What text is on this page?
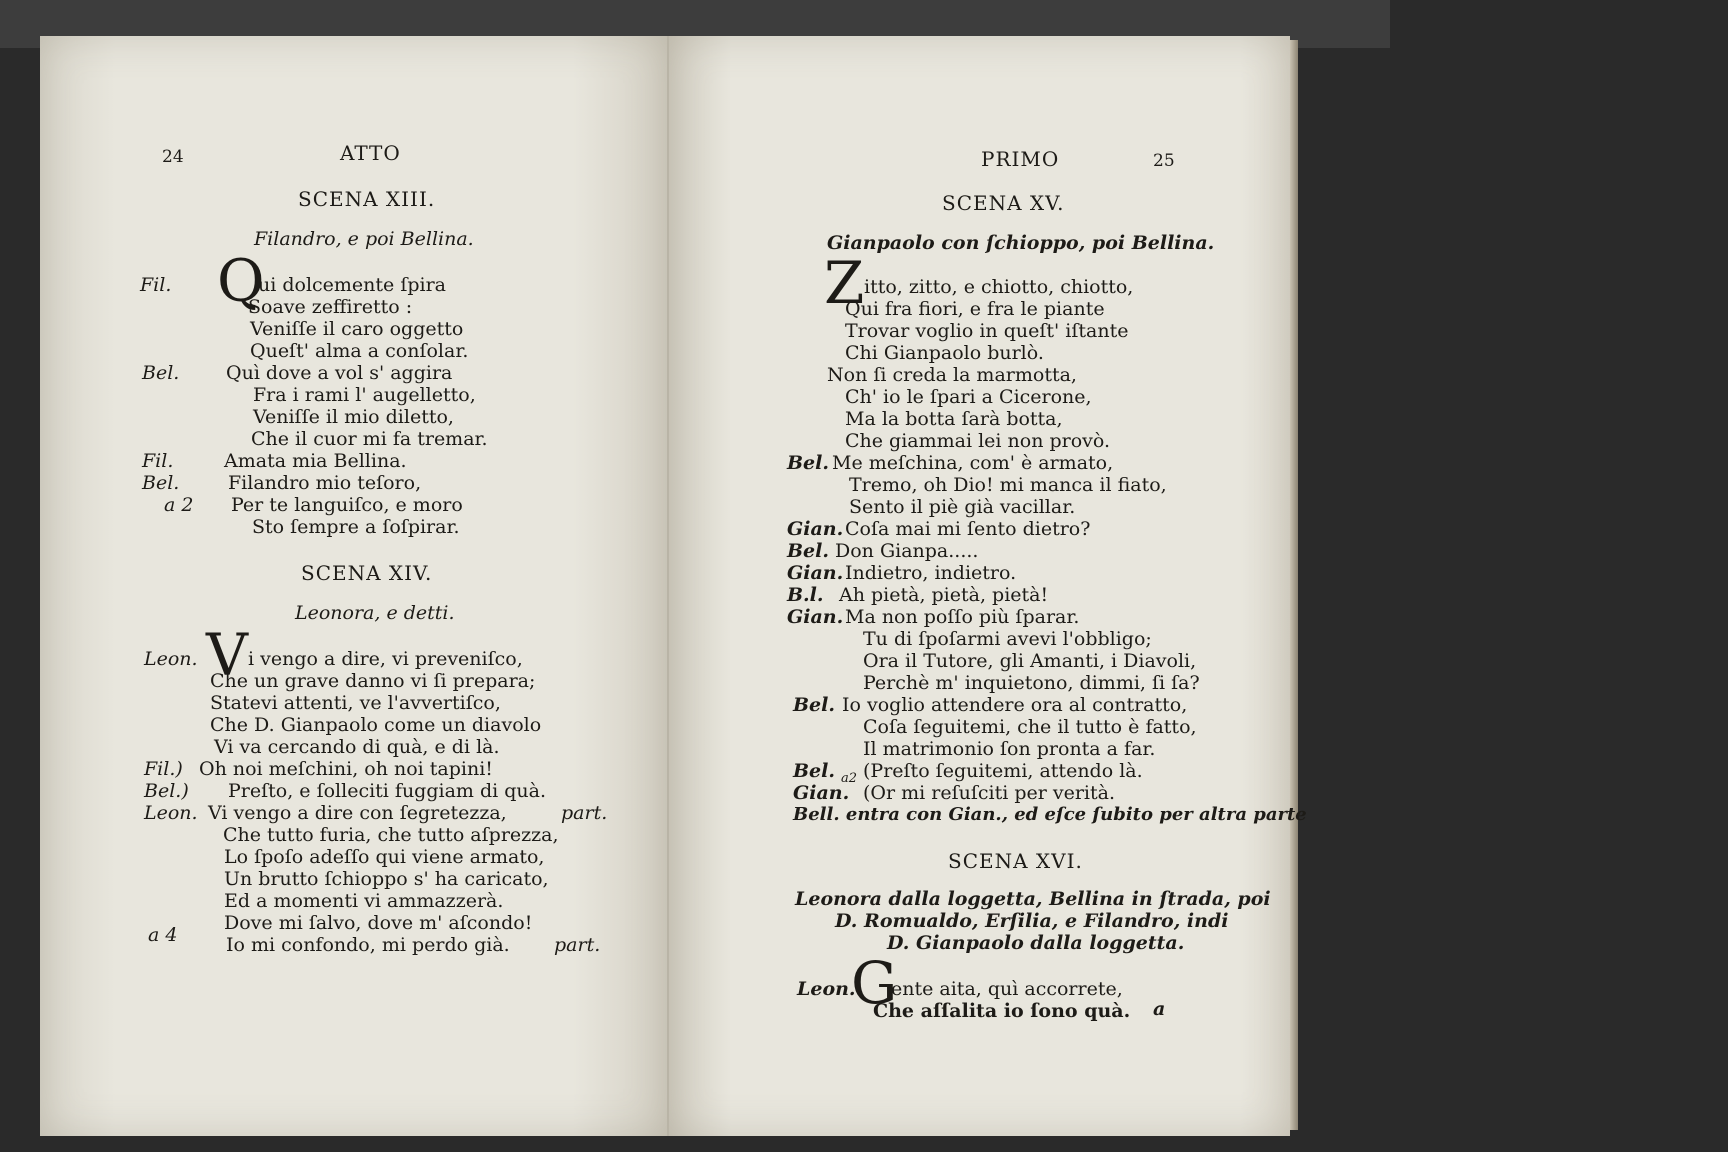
24	ATTO
SCENA XIII.
Filandro, e poi Bellina.
Fil. Q
ui dolcemente ſpira
Soave zeffiretto :
Veniſſe il caro oggetto
Queſt' alma a conſolar.
Bel. Quì dove a vol s' aggira
Fra i rami l' augelletto,
Veniſſe il mio diletto,
Che il cuor mi fa tremar.
Fil.	Amata mia Bellina.
Bel.	Filandro mio teſoro,
a 2 Per te languiſco, e moro
Sto ſempre a ſoſpirar.
SCENA XIV.
Leonora, e detti.
Leon. V i vengo a dire, vi preveniſco,
Che un grave danno vi ſi prepara;
Statevi attenti, ve l'avvertiſco,
Che D. Gianpaolo come un diavolo
Vi va cercando di quà, e di là.
Fil.) Oh noi meſchini, oh noi tapini!
Bel.) Preſto, e ſolleciti fuggiam di quà.
Leon. Vi vengo a dire con ſegretezza,	part.
Che tutto furia, che tutto aſprezza,
Lo ſpoſo adeſſo qui viene armato,
Un brutto ſchioppo s' ha caricato,
Ed a momenti vi ammazzerà.
Dove mi ſalvo, dove m' aſcondo!
a 4	Io mi confondo, mi perdo già. part.
PRIMO	25
SCENA XV.
Gianpaolo con ſchioppo, poi Bellina.
Z itto, zitto, e chiotto, chiotto,
Qui fra fiori, e fra le piante
Trovar voglio in queſt' iſtante
Chi Gianpaolo burlò.
Non ſi creda la marmotta,
Ch' io le ſpari a Cicerone,
Ma la botta ſarà botta,
Che giammai lei non provò.
Bel. Me meſchina, com' è armato,
Tremo, oh Dio! mi manca il fiato,
Sento il piè già vacillar.
Gian. Coſa mai mi ſento dietro?
Bel. Don Gianpa.....
Gian. Indietro, indietro.
B.l. Ah pietà, pietà, pietà!
Gian. Ma non poſſo più ſparar.
Tu di ſpoſarmi avevi l'obbligo;
Ora il Tutore, gli Amanti, i Diavoli,
Perchè m' inquietono, dimmi, ſi ſa?
Bel. Io voglio attendere ora al contratto,
Coſa ſeguitemi, che il tutto è fatto,
Il matrimonio ſon pronta a far.
Bel. a2 (Preſto ſeguitemi, attendo là.
Gian. (Or mi reſuſciti per verità.
Bell. entra con Gian., ed eſce ſubito per altra parte
SCENA XVI.
Leonora dalla loggetta, Bellina in ſtrada, poi
D. Romualdo, Erſilia, e Filandro, indi
D. Gianpaolo dalla loggetta.
Leon.
G
ente aita, quì accorrete,
Che aſſalita io ſono quà. a
